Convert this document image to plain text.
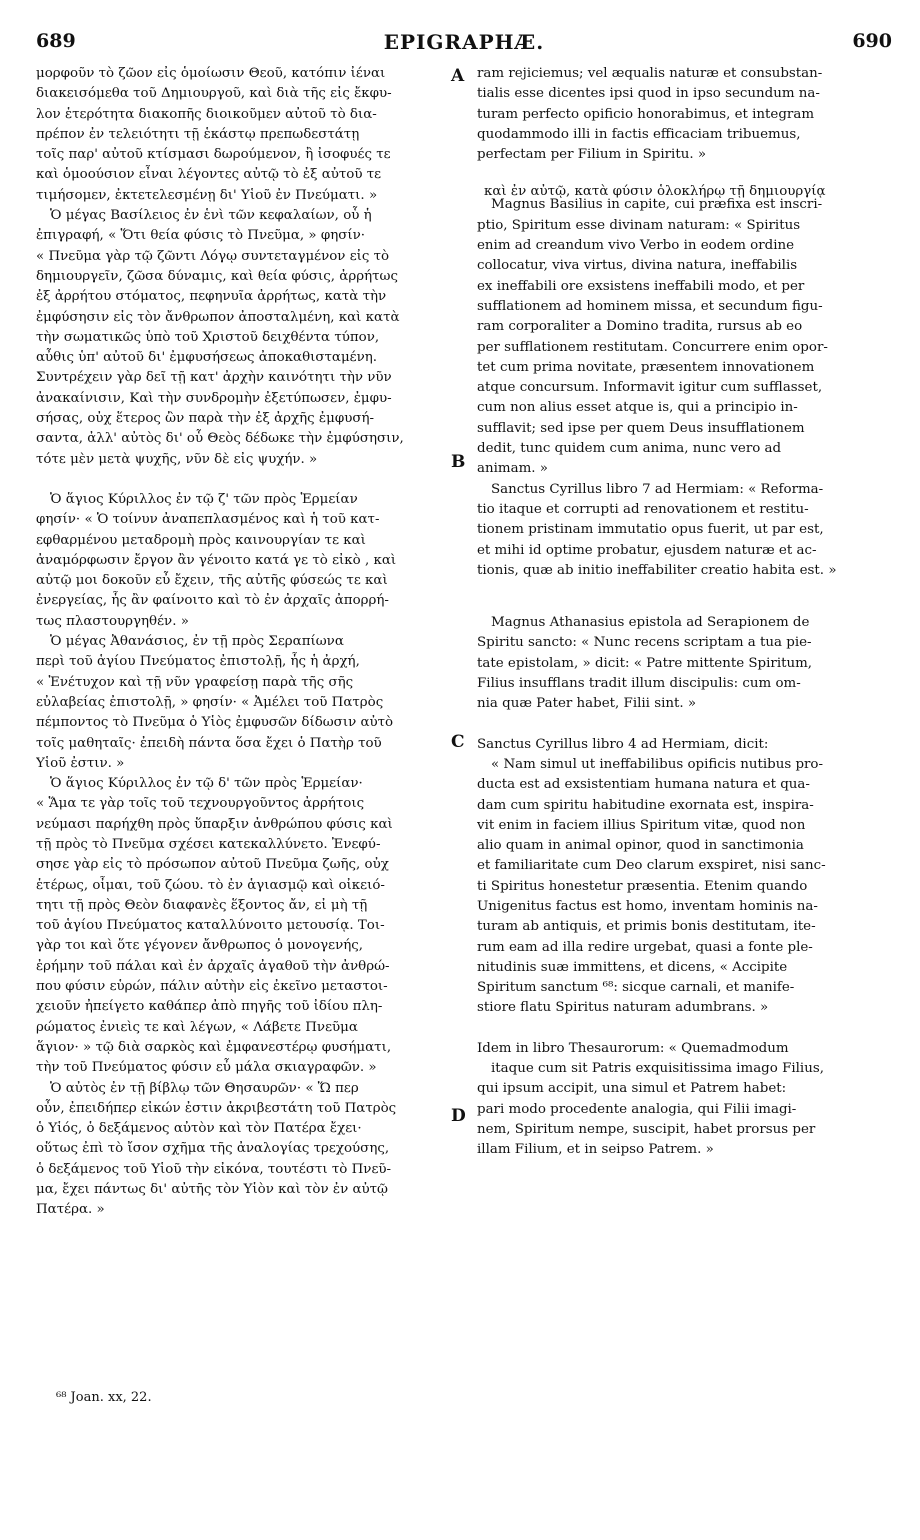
689	EPIGRAPHÆ.	690
A
B
C
D
μορφοῦν τὸ ζῶον εἰς ὁμοίωσιν Θεοῦ, κατόπιν ἰέναι
διακεισόμεθα τοῦ Δημιουργοῦ, καὶ διὰ τῆς εἰς ἔκφυ-
λον ἑτερότητα διακοπῆς διοικοῦμεν αὐτοῦ τὸ δια-
πρέπον ἐν τελειότητι τῇ ἑκάστῳ πρεπωδεστάτῃ
τοῖς παρ' αὐτοῦ κτίσμασι δωρούμενον, ἢ ἰσοφυές τε
καὶ ὁμοούσιον εἶναι λέγοντες αὐτῷ τὸ ἐξ αὐτοῦ τε
τιμήσομεν, ἐκτετελεσμένῃ δι' Υἱοῦ ἐν Πνεύματι. »
Ὁ μέγας Βασίλειος ἐν ἑνὶ τῶν κεφαλαίων, οὗ ἡ
ἐπιγραφή, « Ὅτι θεία φύσις τὸ Πνεῦμα, » φησίν·
« Πνεῦμα γὰρ τῷ ζῶντι Λόγῳ συντεταγμένον εἰς τὸ
δημιουργεῖν, ζῶσα δύναμις, καὶ θεία φύσις, ἀρρήτως
ἐξ ἀρρήτου στόματος, πεφηνυῖα ἀρρήτως, κατὰ τὴν
ἐμφύσησιν εἰς τὸν ἄνθρωπον ἀποσταλμένη, καὶ κατὰ
τὴν σωματικῶς ὑπὸ τοῦ Χριστοῦ δειχθέντα τύπον,
αὖθις ὑπ' αὐτοῦ δι' ἐμφυσήσεως ἀποκαθισταμένη.
Συντρέχειν γὰρ δεῖ τῇ κατ' ἀρχὴν καινότητι τὴν νῦν
ἀνακαίνισιν, Καὶ τὴν συνδρομὴν ἐξετύπωσεν, ἐμφυ-
σήσας, οὐχ ἕτερος ὢν παρὰ τὴν ἐξ ἀρχῆς ἐμφυσή-
σαντα, ἀλλ' αὐτὸς δι' οὗ Θεὸς δέδωκε τὴν ἐμφύσησιν,
τότε μὲν μετὰ ψυχῆς, νῦν δὲ εἰς ψυχήν. »
Ὁ ἅγιος Κύριλλος ἐν τῷ ζ' τῶν πρὸς Ἑρμείαν
φησίν· « Ὁ τοίνυν ἀναπεπλασμένος καὶ ἡ τοῦ κατ-
εφθαρμένου μεταδρομὴ πρὸς καινουργίαν τε καὶ
ἀναμόρφωσιν ἔργον ἂν γένοιτο κατά γε τὸ εἰκὸ , καὶ
αὐτῷ μοι δοκοῦν εὖ ἔχειν, τῆς αὐτῆς φύσεώς τε καὶ
ἐνεργείας, ἧς ἂν φαίνοιτο καὶ τὸ ἐν ἀρχαῖς ἀπορρή-
τως πλαστουργηθέν. »
Ὁ μέγας Ἀθανάσιος, ἐν τῇ πρὸς Σεραπίωνα
περὶ τοῦ ἁγίου Πνεύματος ἐπιστολῇ, ἧς ἡ ἀρχή,
« Ἐνέτυχον καὶ τῇ νῦν γραφείσῃ παρὰ τῆς σῆς
εὐλαβείας ἐπιστολῇ, » φησίν· « Ἀμέλει τοῦ Πατρὸς
πέμποντος τὸ Πνεῦμα ὁ Υἱὸς ἐμφυσῶν δίδωσιν αὐτὸ
τοῖς μαθηταῖς· ἐπειδὴ πάντα ὅσα ἔχει ὁ Πατὴρ τοῦ
Υἱοῦ ἐστιν. »
Ὁ ἅγιος Κύριλλος ἐν τῷ δ' τῶν πρὸς Ἑρμείαν·
« Ἅμα τε γὰρ τοῖς τοῦ τεχνουργοῦντος ἀρρήτοις
νεύμασι παρήχθη πρὸς ὕπαρξιν ἀνθρώπου φύσις καὶ
τῇ πρὸς τὸ Πνεῦμα σχέσει κατεκαλλύνετο. Ἐνεφύ-
σησε γὰρ εἰς τὸ πρόσωπον αὐτοῦ Πνεῦμα ζωῆς, οὐχ
ἑτέρως, οἶμαι, τοῦ ζώου. τὸ ἐν ἁγιασμῷ καὶ οἰκειό-
τητι τῇ πρὸς Θεὸν διαφανὲς ἕξοντος ἄν, εἰ μὴ τῇ
τοῦ ἁγίου Πνεύματος καταλλύνοιτο μετουσίᾳ. Τοι-
γὰρ τοι καὶ ὅτε γέγονεν ἄνθρωπος ὁ μονογενής,
ἐρήμην τοῦ πάλαι καὶ ἐν ἀρχαῖς ἀγαθοῦ τὴν ἀνθρώ-
που φύσιν εὑρών, πάλιν αὐτὴν εἰς ἐκεῖνο μεταστοι-
χειοῦν ἠπείγετο καθάπερ ἀπὸ πηγῆς τοῦ ἰδίου πλη-
ρώματος ἐνιεὶς τε καὶ λέγων, « Λάβετε Πνεῦμα
ἅγιον· » τῷ διὰ σαρκὸς καὶ ἐμφανεστέρῳ φυσήματι,
τὴν τοῦ Πνεύματος φύσιν εὖ μάλα σκιαγραφῶν. »
Ὁ αὐτὸς ἐν τῇ βίβλῳ τῶν Θησαυρῶν· « Ὥ περ
οὖν, ἐπειδήπερ εἰκών ἐστιν ἀκριβεστάτη τοῦ Πατρὸς
ὁ Υἱός, ὁ δεξάμενος αὐτὸν καὶ τὸν Πατέρα ἔχει·
οὕτως ἐπὶ τὸ ἴσον σχῆμα τῆς ἀναλογίας τρεχούσης,
ὁ δεξάμενος τοῦ Υἱοῦ τὴν εἰκόνα, τουτέστι τὸ Πνεῦ-
μα, ἔχει πάντως δι' αὐτῆς τὸν Υἱὸν καὶ τὸν ἐν αὐτῷ
Πατέρα. »
καὶ ἐν αὐτῷ, κατὰ φύσιν ὁλοκλήρῳ τῇ δημιουργίᾳ
ram rejiciemus; vel æqualis naturæ et consubstan-
tialis esse dicentes ipsi quod in ipso secundum na-
turam perfecto opificio honorabimus, et integram
quodammodo illi in factis efficaciam tribuemus,
perfectam per Filium in Spiritu. »
Magnus Basilius in capite, cui præfixa est inscri-
ptio, Spiritum esse divinam naturam: « Spiritus
enim ad creandum vivo Verbo in eodem ordine
collocatur, viva virtus, divina natura, ineffabilis
ex ineffabili ore exsistens ineffabili modo, et per
sufflationem ad hominem missa, et secundum figu-
ram corporaliter a Domino tradita, rursus ab eo
per sufflationem restitutam. Concurrere enim opor-
tet cum prima novitate, præsentem innovationem
atque concursum. Informavit igitur cum sufflasset,
cum non alius esset atque is, qui a principio in-
sufflavit; sed ipse per quem Deus insufflationem
dedit, tunc quidem cum anima, nunc vero ad
animam. »
Sanctus Cyrillus libro 7 ad Hermiam: « Reforma-
tio itaque et corrupti ad renovationem et restitu-
tionem pristinam immutatio opus fuerit, ut par est,
et mihi id optime probatur, ejusdem naturæ et ac-
tionis, quæ ab initio ineffabiliter creatio habita est. »
Magnus Athanasius epistola ad Serapionem de
Spiritu sancto: « Nunc recens scriptam a tua pie-
tate epistolam, » dicit: « Patre mittente Spiritum,
Filius insufflans tradit illum discipulis: cum om-
nia quæ Pater habet, Filii sint. »
Sanctus Cyrillus libro 4 ad Hermiam, dicit:
« Nam simul ut ineffabilibus opificis nutibus pro-
ducta est ad exsistentiam humana natura et qua-
dam cum spiritu habitudine exornata est, inspira-
vit enim in faciem illius Spiritum vitæ, quod non
alio quam in animal opinor, quod in sanctimonia
et familiaritate cum Deo clarum exspiret, nisi sanc-
ti Spiritus honestetur præsentia. Etenim quando
Unigenitus factus est homo, inventam hominis na-
turam ab antiquis, et primis bonis destitutam, ite-
rum eam ad illa redire urgebat, quasi a fonte ple-
nitudinis suæ immittens, et dicens, « Accipite
Spiritum sanctum ⁶⁸: sicque carnali, et manife-
stiore flatu Spiritus naturam adumbrans. »
Idem in libro Thesaurorum: « Quemadmodum
itaque cum sit Patris exquisitissima imago Filius,
qui ipsum accipit, una simul et Patrem habet:
pari modo procedente analogia, qui Filii imagi-
nem, Spiritum nempe, suscipit, habet prorsus per
illam Filium, et in seipso Patrem. »
⁶⁸ Joan. xx, 22.
